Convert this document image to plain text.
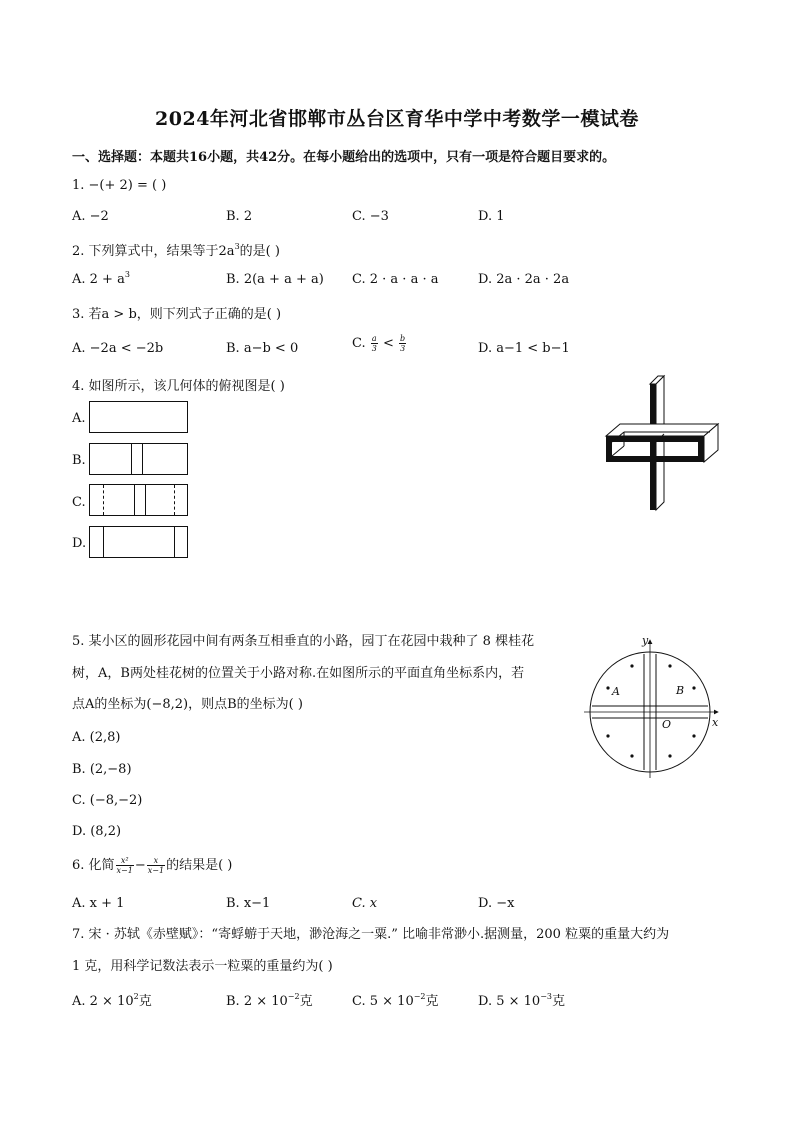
2024年河北省邯郸市丛台区育华中学中考数学一模试卷
一、选择题：本题共16小题，共42分。在每小题给出的选项中，只有一项是符合题目要求的。
1. −(+ 2) = ( )
A. −2	B. 2	C. −3	D. 1
2. 下列算式中，结果等于$2a^3$的是( )
A. $2 + a^3$	B. 2(a + a + a) C. 2 · a · a · a	D. 2a · 2a · 2a
3. 若a > b，则下列式子正确的是( )
A. −2a < −2b	B. a−b < 0	C. $\frac{a}{3} < \frac{b}{3}$	D. a−1 < b−1
4. 如图所示，该几何体的俯视图是( )
A.
B.
C.
D.
5. 某小区的圆形花园中间有两条互相垂直的小路，园丁在花园中栽种了 8 棵桂花
树，A，B两处桂花树的位置关于小路对称.在如图所示的平面直角坐标系内，若
点A的坐标为(−8,2)，则点B的坐标为( )
A. (2,8)
B. (2,−8)
C. (−8,−2)
D. (8,2)
y
x
A	B
O
6. 化简 $\frac{\text{x²}}{x-1} - \frac{x}{x-1}$ 的结果是( )
A. x + 1	B. x−1	C. x	D. −x
7. 宋 · 苏轼《赤壁赋》：“寄蜉蝣于天地，渺沧海之一粟.” 比喻非常渺小.据测量，200 粒粟的重量大约为
1 克，用科学记数法表示一粒粟的重量约为( )
A. $2 \times 10^2$克	B. $2 \times 10^{-2}$克	C. $5 \times 10^{-2}$克	D. $5 \times 10^{-3}$克
